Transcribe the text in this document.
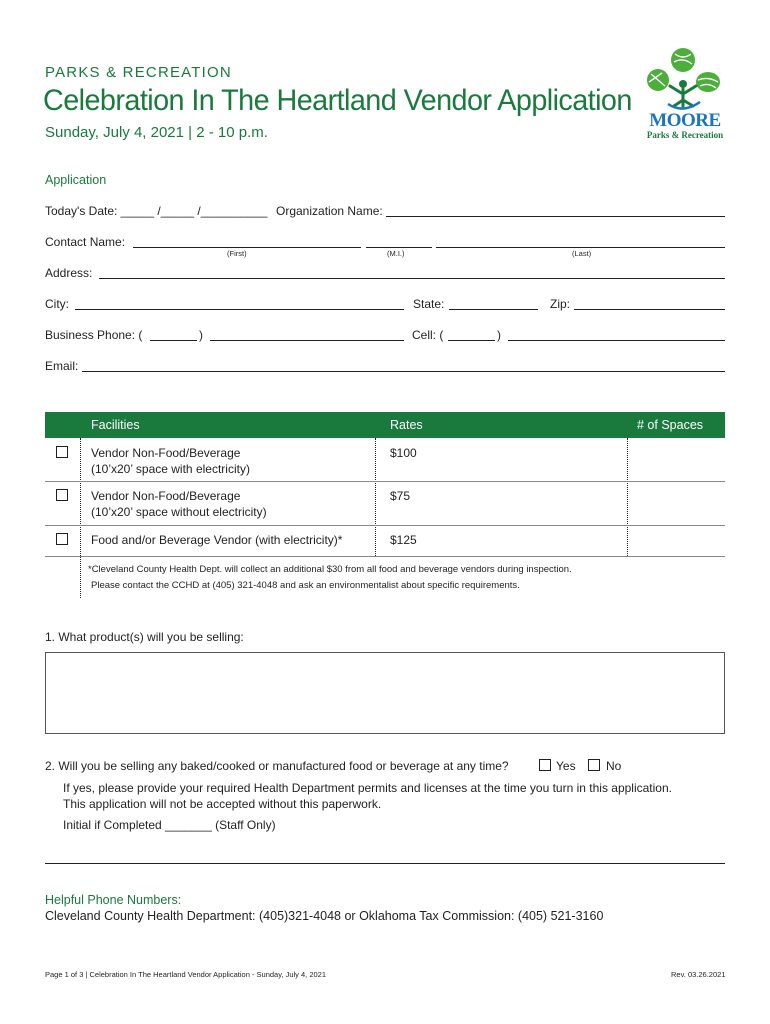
PARKS & RECREATION
Celebration In The Heartland Vendor Application
Sunday, July 4, 2021 | 2 - 10 p.m.
MOORE
Parks & Recreation
Application
Today's Date: _____ /_____ /__________ Organization Name:
Contact Name:
(First)	(M.I.)	(Last)
Address:
City:	State:	Zip:
Business Phone: (	)	Cell: (	)
Email:
Facilities	Rates	# of Spaces
Vendor Non-Food/Beverage
(10’x20’ space with electricity)
$100
Vendor Non-Food/Beverage
(10’x20’ space without electricity)
$75
Food and/or Beverage Vendor (with electricity)*	$125
*Cleveland County Health Dept. will collect an additional $30 from all food and beverage vendors during inspection.
Please contact the CCHD at (405) 321-4048 and ask an environmentalist about specific requirements.
1. What product(s) will you be selling:
2. Will you be selling any baked/cooked or manufactured food or beverage at any time?	Yes	No
If yes, please provide your required Health Department permits and licenses at the time you turn in this application.
This application will not be accepted without this paperwork.
Initial if Completed _______ (Staff Only)
Helpful Phone Numbers:
Cleveland County Health Department: (405)321-4048 or Oklahoma Tax Commission: (405) 521-3160
Page 1 of 3 | Celebration In The Heartland Vendor Application - Sunday, July 4, 2021	Rev. 03.26.2021
